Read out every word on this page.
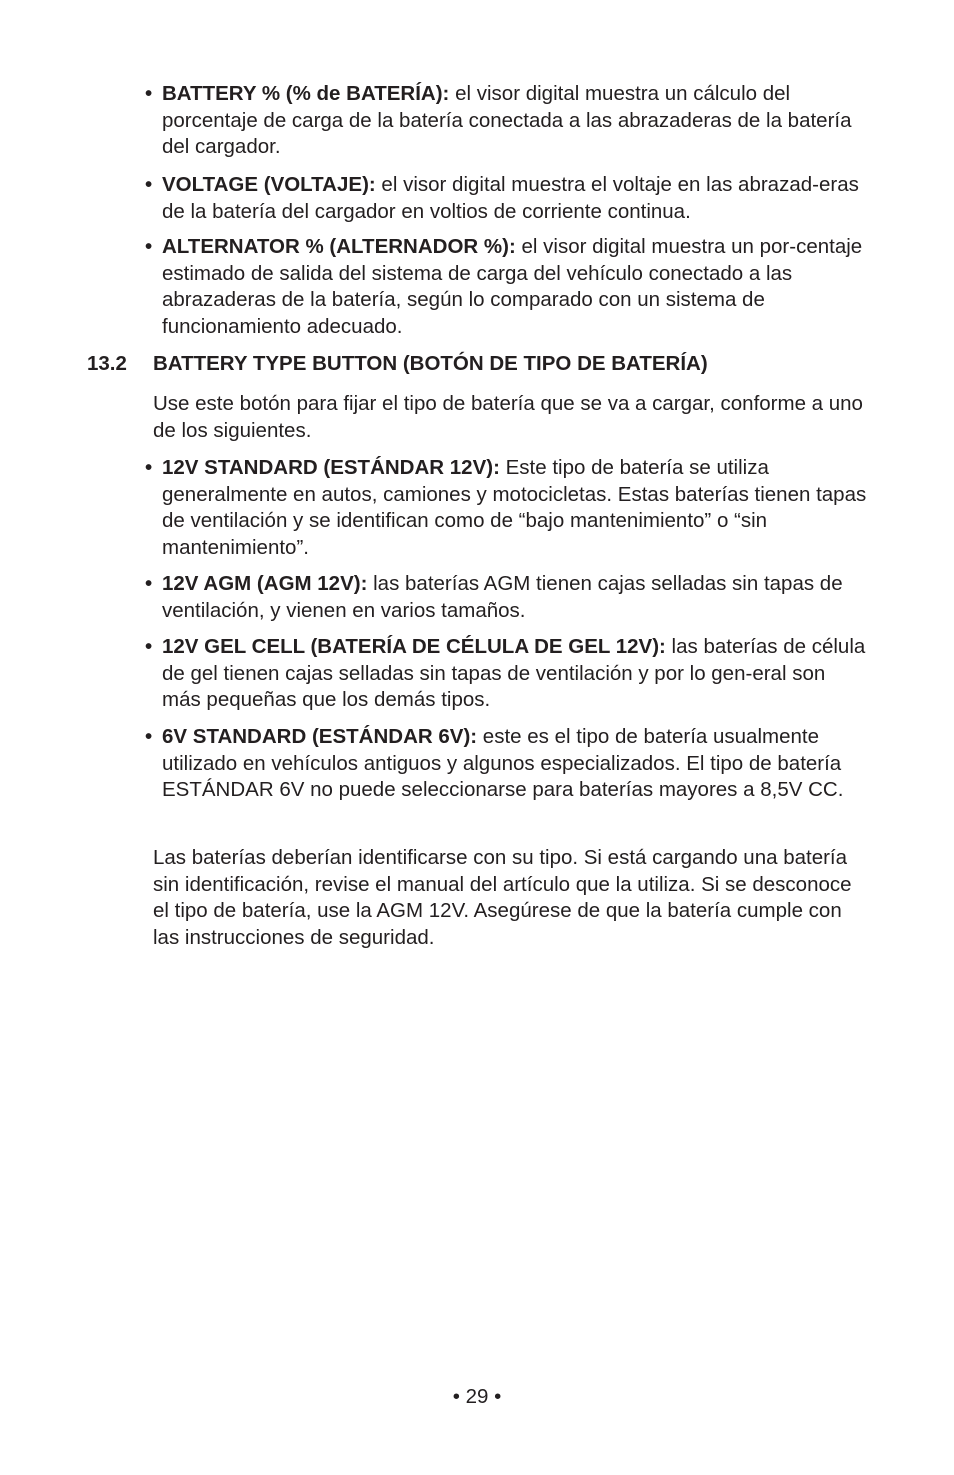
• BATTERY % (% de BATERÍA): el visor digital muestra un cálculo del porcentaje de carga de la batería conectada a las abrazaderas de la batería del cargador.
• VOLTAGE (VOLTAJE): el visor digital muestra el voltaje en las abrazad-eras de la batería del cargador en voltios de corriente continua.
• ALTERNATOR % (ALTERNADOR %): el visor digital muestra un por-centaje estimado de salida del sistema de carga del vehículo conectado a las abrazaderas de la batería, según lo comparado con un sistema de funcionamiento adecuado.
13.2 BATTERY TYPE BUTTON (BOTÓN DE TIPO DE BATERÍA)
Use este botón para fijar el tipo de batería que se va a cargar, conforme a uno de los siguientes.
• 12V STANDARD (ESTÁNDAR 12V): Este tipo de batería se utiliza generalmente en autos, camiones y motocicletas. Estas baterías tienen tapas de ventilación y se identifican como de “bajo mantenimiento” o “sin mantenimiento”.
• 12V AGM (AGM 12V): las baterías AGM tienen cajas selladas sin tapas de ventilación, y vienen en varios tamaños.
• 12V GEL CELL (BATERÍA DE CÉLULA DE GEL 12V): las baterías de célula de gel tienen cajas selladas sin tapas de ventilación y por lo gen-eral son más pequeñas que los demás tipos.
• 6V STANDARD (ESTÁNDAR 6V): este es el tipo de batería usualmente utilizado en vehículos antiguos y algunos especializados. El tipo de batería ESTÁNDAR 6V no puede seleccionarse para baterías mayores a 8,5V CC.
Las baterías deberían identificarse con su tipo. Si está cargando una batería sin identificación, revise el manual del artículo que la utiliza. Si se desconoce el tipo de batería, use la AGM 12V. Asegúrese de que la batería cumple con las instrucciones de seguridad.
• 29 •
